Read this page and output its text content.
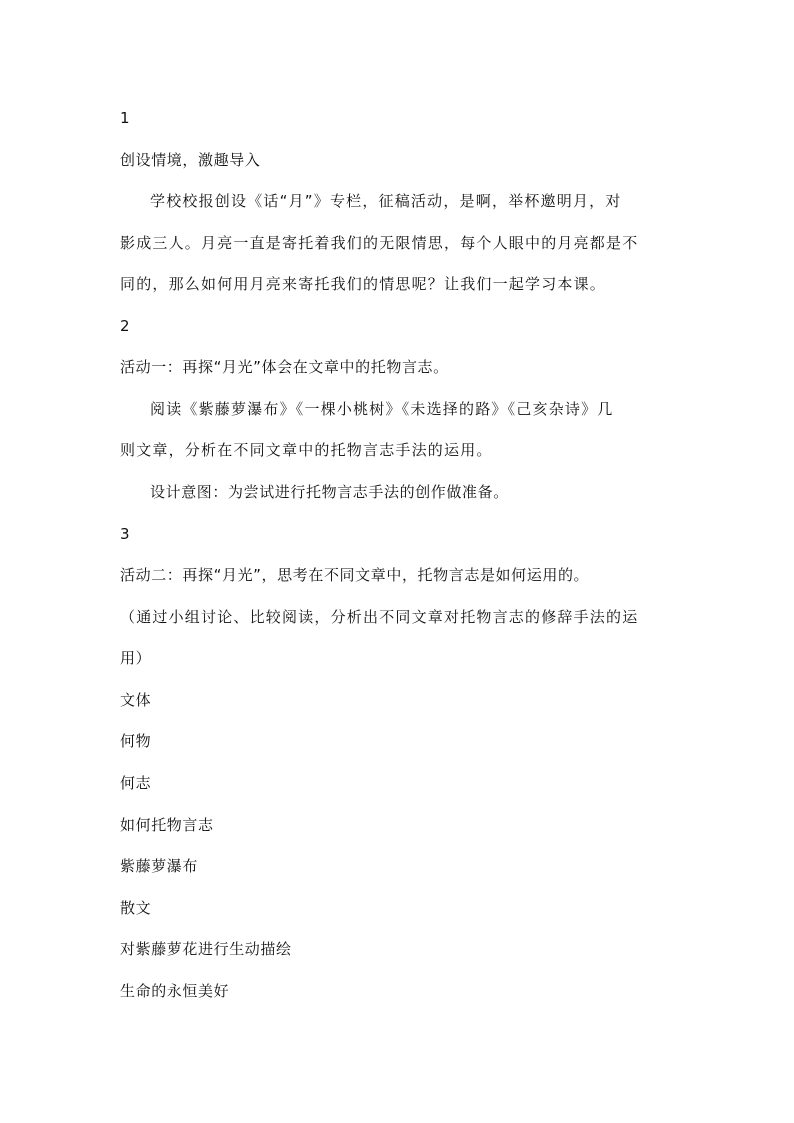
1
创设情境，激趣导入
学校校报创设《话“月”》专栏，征稿活动，是啊，举杯邀明月，对
影成三人。月亮一直是寄托着我们的无限情思，每个人眼中的月亮都是不
同的，那么如何用月亮来寄托我们的情思呢？让我们一起学习本课。
2
活动一：再探“月光”体会在文章中的托物言志。
阅读《紫藤萝瀑布》《一棵小桃树》《未选择的路》《己亥杂诗》几
则文章，分析在不同文章中的托物言志手法的运用。
设计意图：为尝试进行托物言志手法的创作做准备。
3
活动二：再探“月光”，思考在不同文章中，托物言志是如何运用的。
（通过小组讨论、比较阅读，分析出不同文章对托物言志的修辞手法的运
用）
文体
何物
何志
如何托物言志
紫藤萝瀑布
散文
对紫藤萝花进行生动描绘
生命的永恒美好
